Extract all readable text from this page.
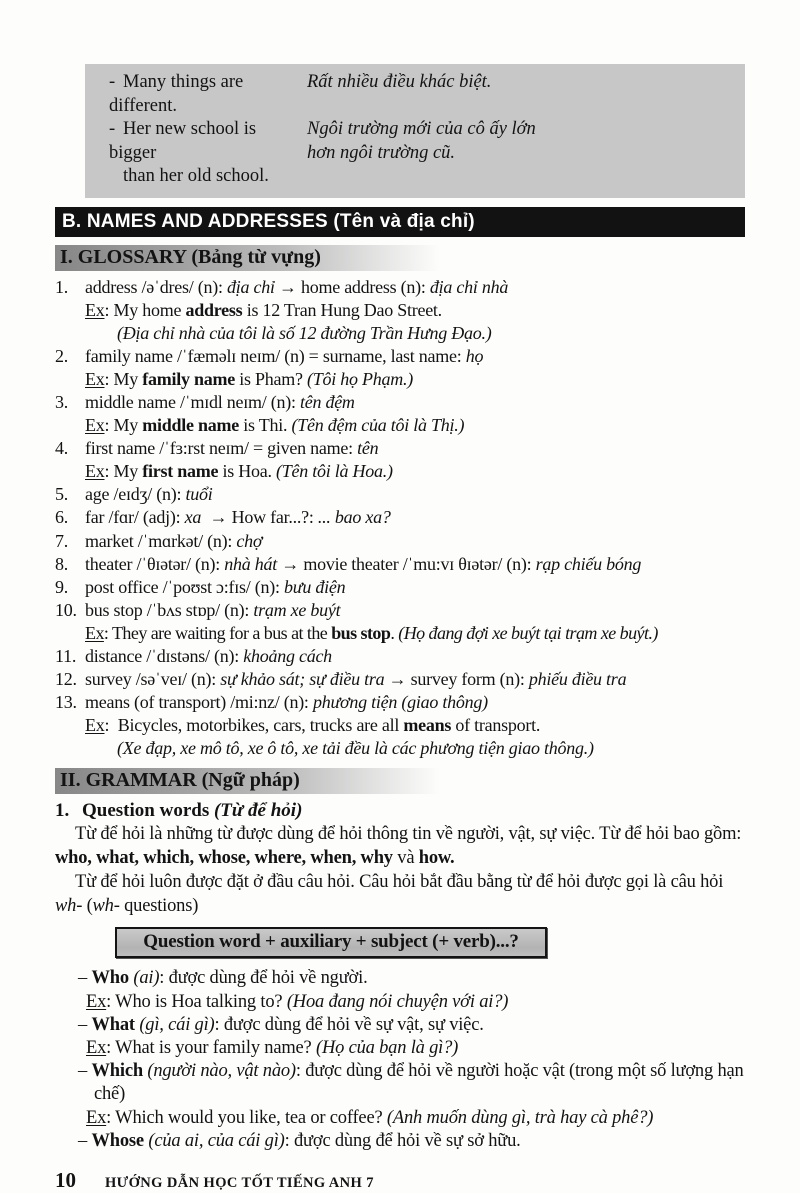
- Many things are different.
Rất nhiều điều khác biệt.
- Her new school is bigger
than her old school.
Ngôi trường mới của cô ấy lớn
hơn ngôi trường cũ.
B. NAMES AND ADDRESSES (Tên và địa chỉ)
I. GLOSSARY (Bảng từ vựng)
1. address /əˈdres/ (n): địa chỉ → home address (n): địa chỉ nhà
Ex: My home address is 12 Tran Hung Dao Street.
(Địa chỉ nhà của tôi là số 12 đường Trần Hưng Đạo.)
2. family name /ˈfæməlɪ neɪm/ (n) = surname, last name: họ
Ex: My family name is Pham? (Tôi họ Phạm.)
3. middle name /ˈmɪdl neɪm/ (n): tên đệm
Ex: My middle name is Thi. (Tên đệm của tôi là Thị.)
4. first name /ˈfɜ:rst neɪm/ = given name: tên
Ex: My first name is Hoa. (Tên tôi là Hoa.)
5. age /eɪdʒ/ (n): tuổi
6. far /fɑr/ (adj): xa  → How far...?: ... bao xa?
7. market /ˈmɑrkət/ (n): chợ
8. theater /ˈθɪətər/ (n): nhà hát → movie theater /ˈmu:vɪ θɪətər/ (n): rạp chiếu bóng
9. post office /ˈpoʊst ɔ:fɪs/ (n): bưu điện
10. bus stop /ˈbʌs stɒp/ (n): trạm xe buýt
Ex: They are waiting for a bus at the bus stop. (Họ đang đợi xe buýt tại trạm xe buýt.)
11. distance /ˈdɪstəns/ (n): khoảng cách
12. survey /səˈveɪ/ (n): sự khảo sát; sự điều tra → survey form (n): phiếu điều tra
13. means (of transport) /mi:nz/ (n): phương tiện (giao thông)
Ex:  Bicycles, motorbikes, cars, trucks are all means of transport.
(Xe đạp, xe mô tô, xe ô tô, xe tải đều là các phương tiện giao thông.)
II. GRAMMAR (Ngữ pháp)
1. Question words (Từ để hỏi)
Từ để hỏi là những từ được dùng để hỏi thông tin về người, vật, sự việc. Từ để hỏi bao gồm: who, what, which, whose, where, when, why và how.
Từ để hỏi luôn được đặt ở đầu câu hỏi. Câu hỏi bắt đầu bằng từ để hỏi được gọi là câu hỏi wh- (wh- questions)
Question word + auxiliary + subject (+ verb)...?
– Who (ai): được dùng để hỏi về người.
Ex: Who is Hoa talking to? (Hoa đang nói chuyện với ai?)
– What (gì, cái gì): được dùng để hỏi về sự vật, sự việc.
Ex: What is your family name? (Họ của bạn là gì?)
– Which (người nào, vật nào): được dùng để hỏi về người hoặc vật (trong một số lượng hạn chế)
Ex: Which would you like, tea or coffee? (Anh muốn dùng gì, trà hay cà phê?)
– Whose (của ai, của cái gì): được dùng để hỏi về sự sở hữu.
10 HƯỚNG DẪN HỌC TỐT TIẾNG ANH 7
